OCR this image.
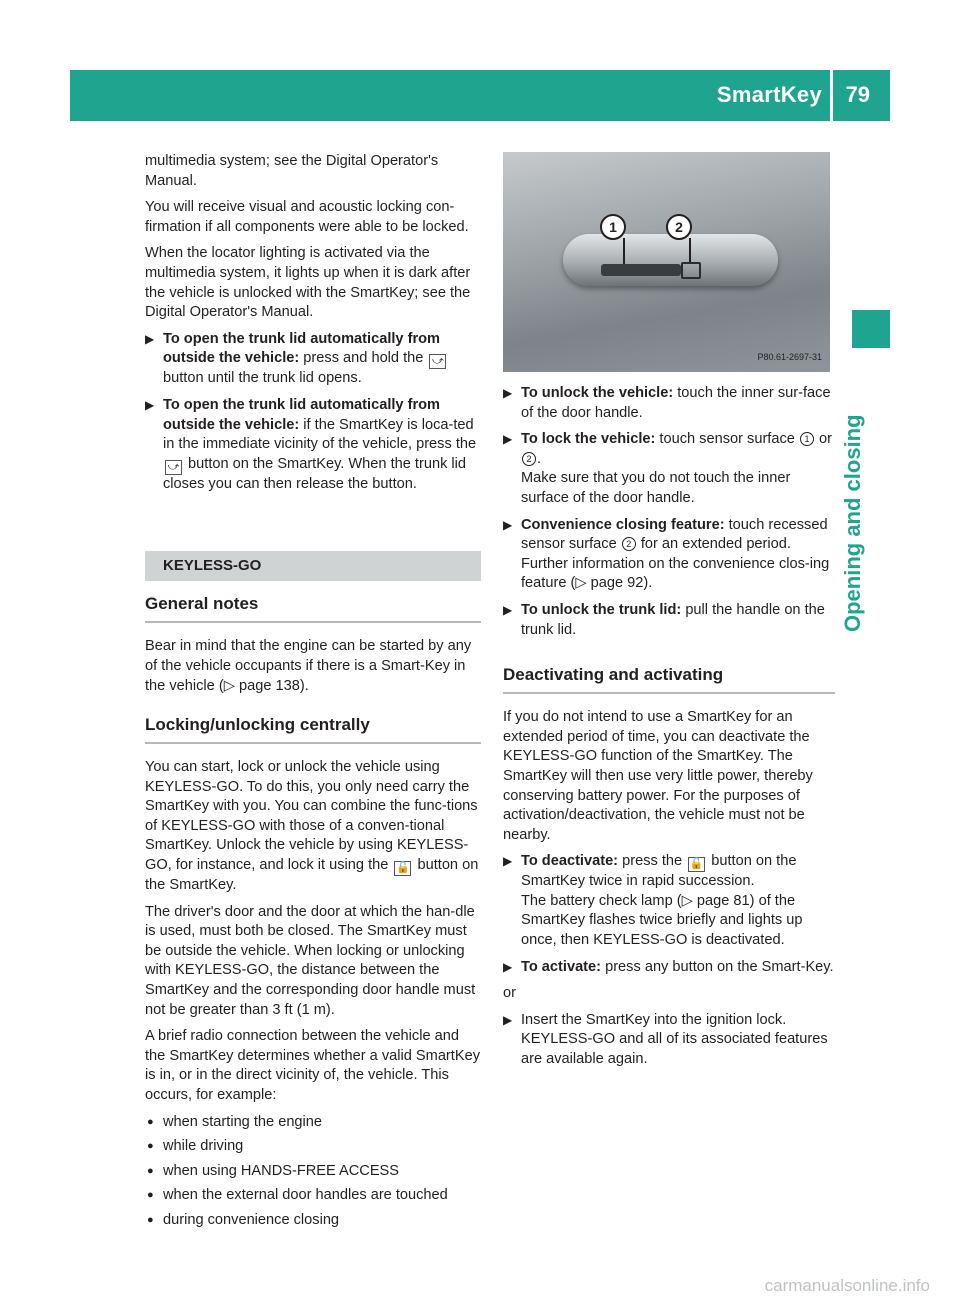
SmartKey 79
Opening and closing

multimedia system; see the Digital Operator's Manual.

You will receive visual and acoustic locking con-firmation if all components were able to be locked.

When the locator lighting is activated via the multimedia system, it lights up when it is dark after the vehicle is unlocked with the SmartKey; see the Digital Operator's Manual.

▶ To open the trunk lid automatically from outside the vehicle: press and hold the ⤻ button until the trunk lid opens.
▶ To open the trunk lid automatically from outside the vehicle: if the SmartKey is loca-ted in the immediate vicinity of the vehicle, press the ⤻ button on the SmartKey. When the trunk lid closes you can then release the button.
KEYLESS-GO
General notes

Bear in mind that the engine can be started by any of the vehicle occupants if there is a Smart-Key in the vehicle (▷ page 138).

Locking/unlocking centrally

You can start, lock or unlock the vehicle using KEYLESS-GO. To do this, you only need carry the SmartKey with you. You can combine the func-tions of KEYLESS-GO with those of a conven-tional SmartKey. Unlock the vehicle by using KEYLESS-GO, for instance, and lock it using the 🔓 button on the SmartKey.

The driver's door and the door at which the han-dle is used, must both be closed. The SmartKey must be outside the vehicle. When locking or unlocking with KEYLESS-GO, the distance between the SmartKey and the corresponding door handle must not be greater than 3 ft (1 m).

A brief radio connection between the vehicle and the SmartKey determines whether a valid SmartKey is in, or in the direct vicinity of, the vehicle. This occurs, for example:

● when starting the engine
● while driving
● when using HANDS-FREE ACCESS
● when the external door handles are touched
● during convenience closing
1	2
P80.61-2697-31
▶ To unlock the vehicle: touch the inner sur-face of the door handle.
▶ To lock the vehicle: touch sensor surface 1 or 2 .
Make sure that you do not touch the inner surface of the door handle.
▶ Convenience closing feature: touch recessed sensor surface 2 for an extended period.
Further information on the convenience clos-ing feature (▷ page 92).
▶ To unlock the trunk lid: pull the handle on the trunk lid.
Deactivating and activating

If you do not intend to use a SmartKey for an extended period of time, you can deactivate the KEYLESS-GO function of the SmartKey. The SmartKey will then use very little power, thereby conserving battery power. For the purposes of activation/deactivation, the vehicle must not be nearby.

▶ To deactivate: press the 🔓 button on the SmartKey twice in rapid succession.
The battery check lamp (▷ page 81) of the SmartKey flashes twice briefly and lights up once, then KEYLESS-GO is deactivated.
▶ To activate: press any button on the Smart-Key.

or

▶ Insert the SmartKey into the ignition lock.
KEYLESS-GO and all of its associated features are available again.
carmanualsonline.info
